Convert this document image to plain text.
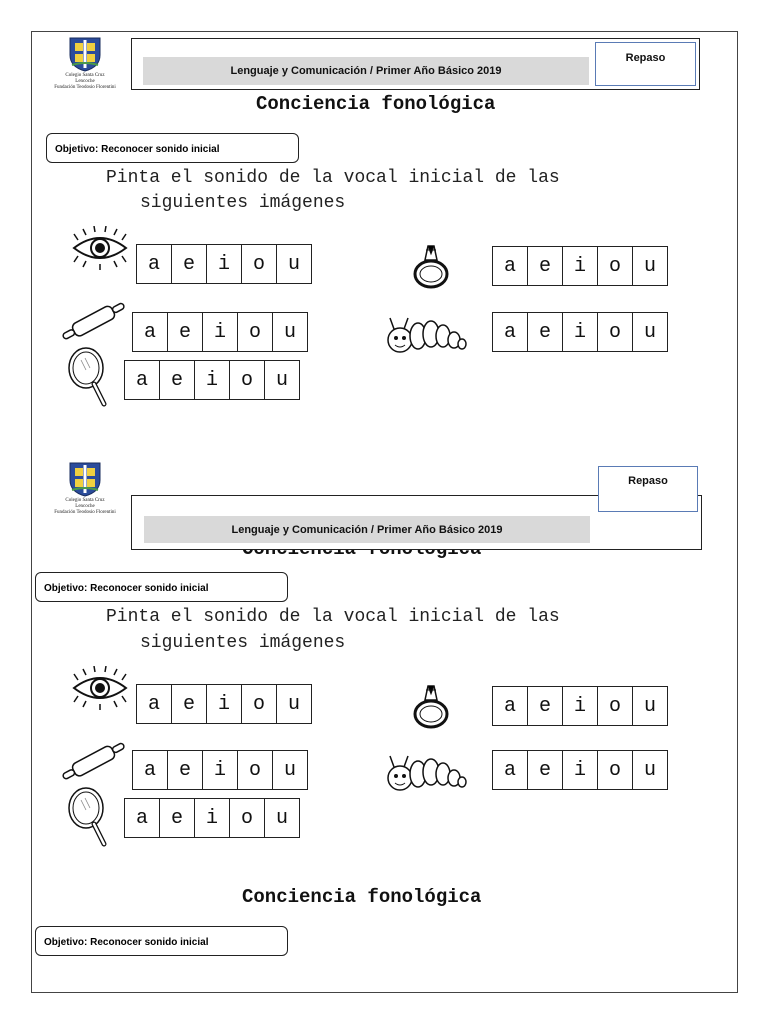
Colegio Santa Cruz
Lencoche
Fundación Teodosio Florentini
Lenguaje y Comunicación / Primer Año Básico 2019
Repaso
Conciencia fonológica
Objetivo: Reconocer sonido inicial
Pinta el sonido de la vocal inicial de las
siguientes imágenes
a	e	i	o	u	a	e	i	o	u
a	e	i	o	u	a	e	i	o	u
a	e	i	o	u
Colegio Santa Cruz
Lencoche
Fundación Teodosio Florentini
Lenguaje y Comunicación / Primer Año Básico 2019
Repaso
Objetivo: Reconocer sonido inicial
Pinta el sonido de la vocal inicial de las
siguientes imágenes
a	e	i	o	u	a	e	i	o	u
a	e	i	o	u	a	e	i	o	u
a	e	i	o	u
Conciencia fonológica
Objetivo: Reconocer sonido inicial
